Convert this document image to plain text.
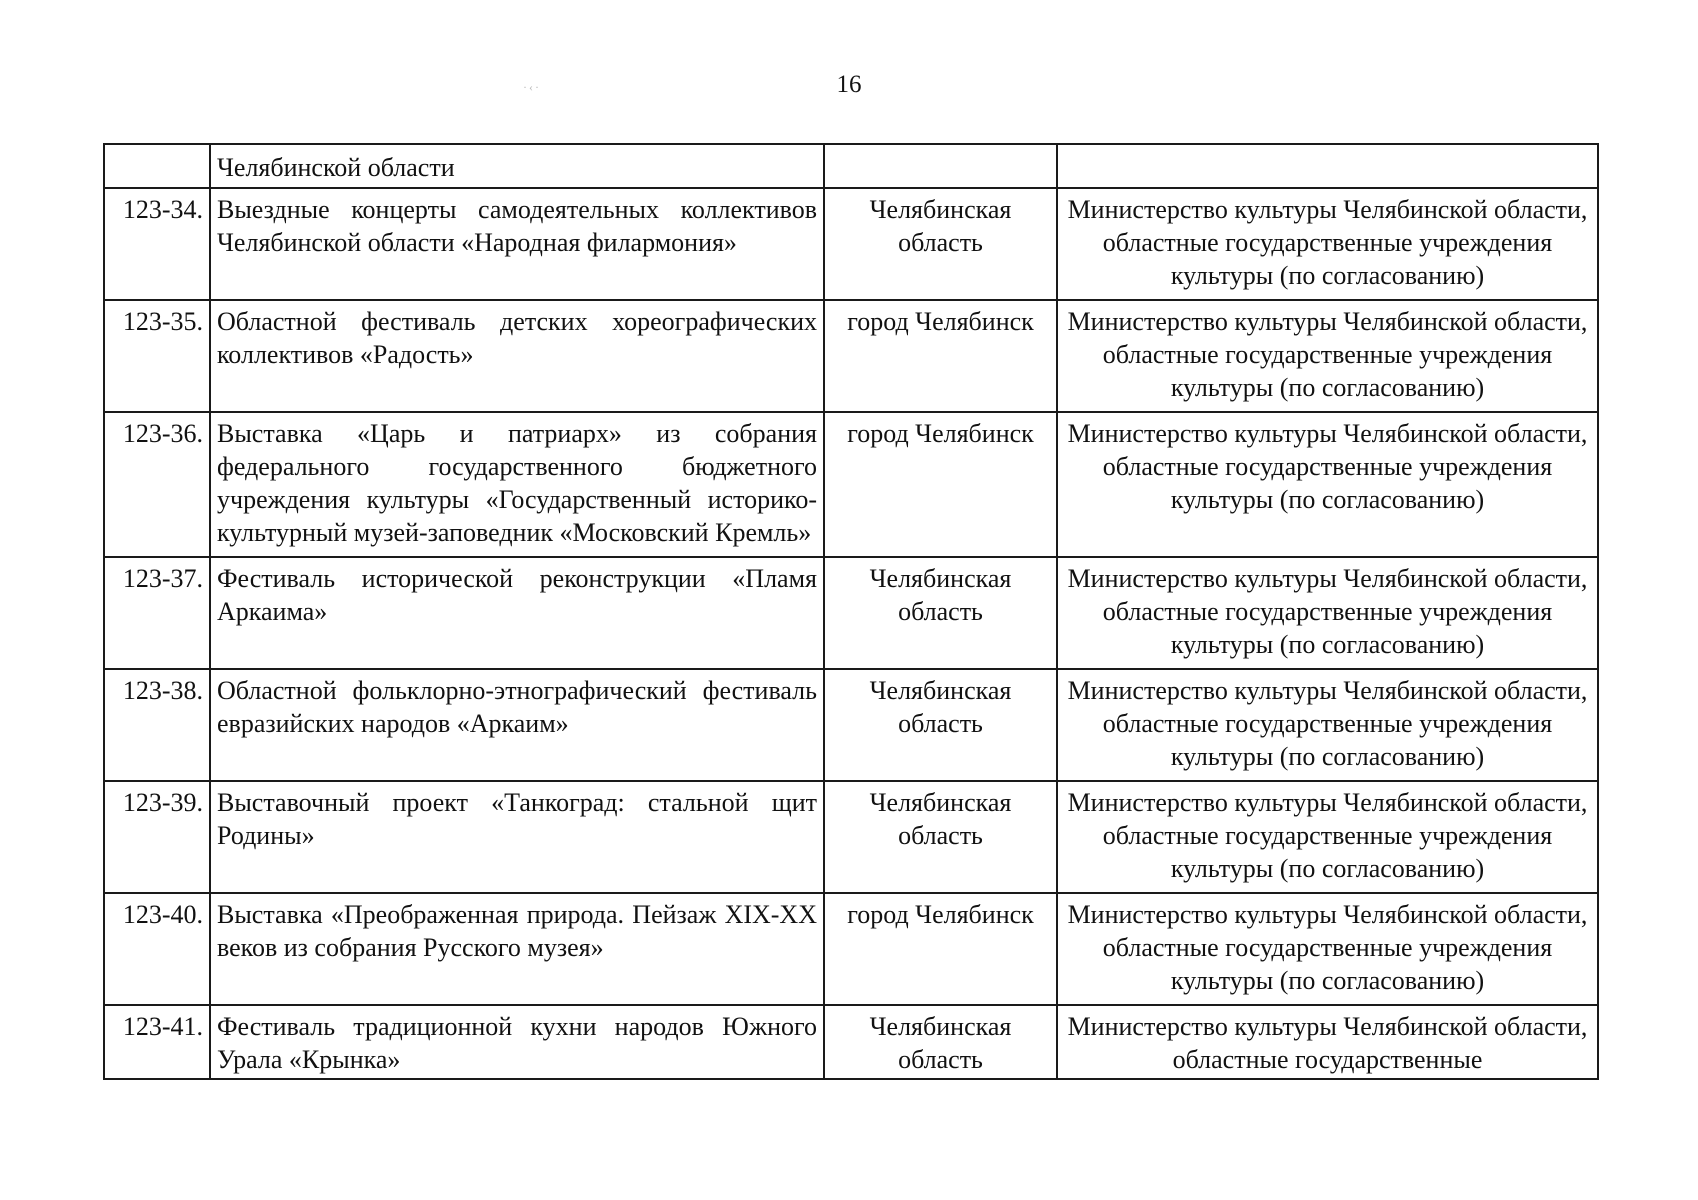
16
·‹·
	Челябинской области		
123-34.	Выездные концерты самодеятельных коллективов Челябинской области «Народная филармония»	Челябинская область	Министерство культуры Челябинской области, областные государственные учреждения культуры (по согласованию)
123-35.	Областной фестиваль детских хореографических коллективов «Радость»	город Челябинск	Министерство культуры Челябинской области, областные государственные учреждения культуры (по согласованию)
123-36.	Выставка «Царь и патриарх» из собрания федерального государственного бюджетного учреждения культуры «Государственный историко-культурный музей-заповедник «Московский Кремль»	город Челябинск	Министерство культуры Челябинской области, областные государственные учреждения культуры (по согласованию)
123-37.	Фестиваль исторической реконструкции «Пламя Аркаима»	Челябинская область	Министерство культуры Челябинской области, областные государственные учреждения культуры (по согласованию)
123-38.	Областной фольклорно-этнографический фестиваль евразийских народов «Аркаим»	Челябинская область	Министерство культуры Челябинской области, областные государственные учреждения культуры (по согласованию)
123-39.	Выставочный проект «Танкоград: стальной щит Родины»	Челябинская область	Министерство культуры Челябинской области, областные государственные учреждения культуры (по согласованию)
123-40.	Выставка «Преображенная природа. Пейзаж XIX-XX веков из собрания Русского музея»	город Челябинск	Министерство культуры Челябинской области, областные государственные учреждения культуры (по согласованию)
123-41.	Фестиваль традиционной кухни народов Южного Урала «Крынка»	Челябинская область	Министерство культуры Челябинской области, областные государственные
